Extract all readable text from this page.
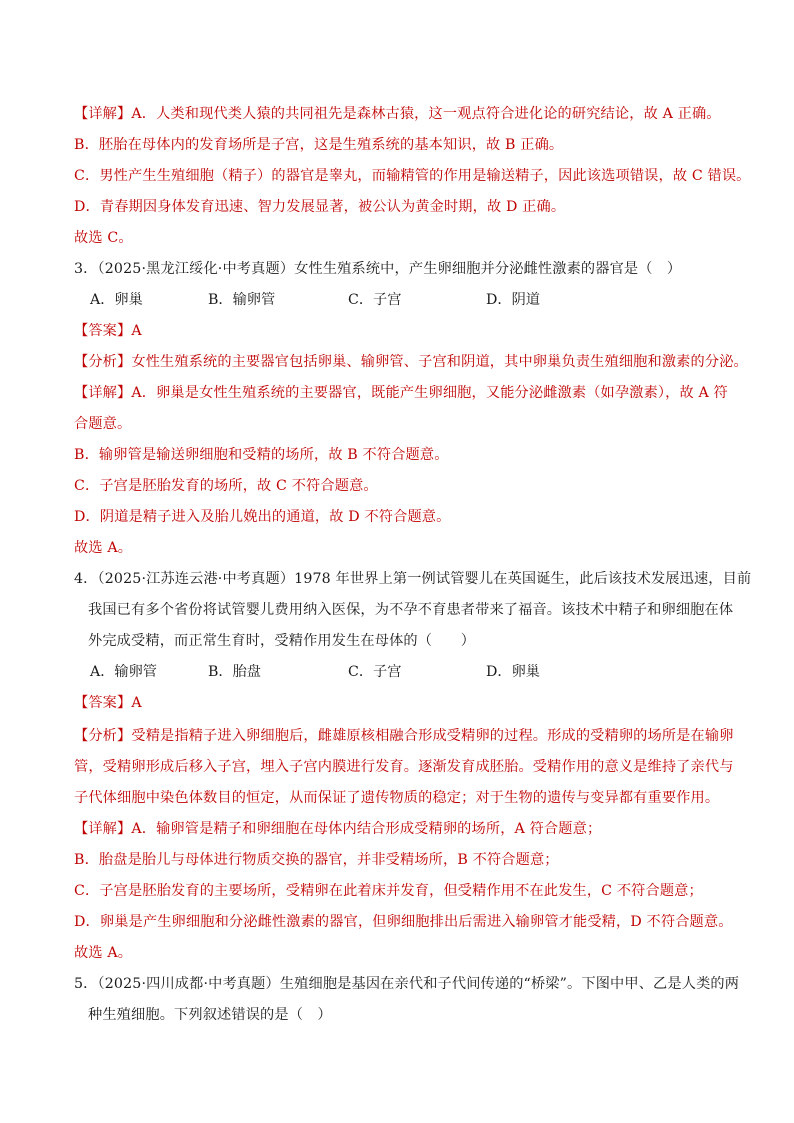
【详解】A．人类和现代类人猿的共同祖先是森林古猿，这一观点符合进化论的研究结论，故 A 正确。
B．胚胎在母体内的发育场所是子宫，这是生殖系统的基本知识，故 B 正确。
C．男性产生生殖细胞（精子）的器官是睾丸，而输精管的作用是输送精子，因此该选项错误，故 C 错误。
D．青春期因身体发育迅速、智力发展显著，被公认为黄金时期，故 D 正确。
故选 C。
3．（2025·黑龙江绥化·中考真题）女性生殖系统中，产生卵细胞并分泌雌性激素的器官是（　）
A．卵巢	B．输卵管	C．子宫	D．阴道
【答案】A
【分析】女性生殖系统的主要器官包括卵巢、输卵管、子宫和阴道，其中卵巢负责生殖细胞和激素的分泌。
【详解】A．卵巢是女性生殖系统的主要器官，既能产生卵细胞，又能分泌雌激素（如孕激素），故 A 符
合题意。
B．输卵管是输送卵细胞和受精的场所，故 B 不符合题意。
C．子宫是胚胎发育的场所，故 C 不符合题意。
D．阴道是精子进入及胎儿娩出的通道，故 D 不符合题意。
故选 A。
4．（2025·江苏连云港·中考真题）1978 年世界上第一例试管婴儿在英国诞生，此后该技术发展迅速，目前
我国已有多个省份将试管婴儿费用纳入医保，为不孕不育患者带来了福音。该技术中精子和卵细胞在体
外完成受精，而正常生育时，受精作用发生在母体的（　　）
A．输卵管	B．胎盘	C．子宫	D．卵巢
【答案】A
【分析】受精是指精子进入卵细胞后，雌雄原核相融合形成受精卵的过程。形成的受精卵的场所是在输卵
管，受精卵形成后移入子宫，埋入子宫内膜进行发育。逐渐发育成胚胎。受精作用的意义是维持了亲代与
子代体细胞中染色体数目的恒定，从而保证了遗传物质的稳定；对于生物的遗传与变异都有重要作用。
【详解】A．输卵管是精子和卵细胞在母体内结合形成受精卵的场所，A 符合题意；
B．胎盘是胎儿与母体进行物质交换的器官，并非受精场所，B 不符合题意；
C．子宫是胚胎发育的主要场所，受精卵在此着床并发育，但受精作用不在此发生，C 不符合题意；
D．卵巢是产生卵细胞和分泌雌性激素的器官，但卵细胞排出后需进入输卵管才能受精，D 不符合题意。
故选 A。
5．（2025·四川成都·中考真题）生殖细胞是基因在亲代和子代间传递的“桥梁”。下图中甲、乙是人类的两
种生殖细胞。下列叙述错误的是（　）
